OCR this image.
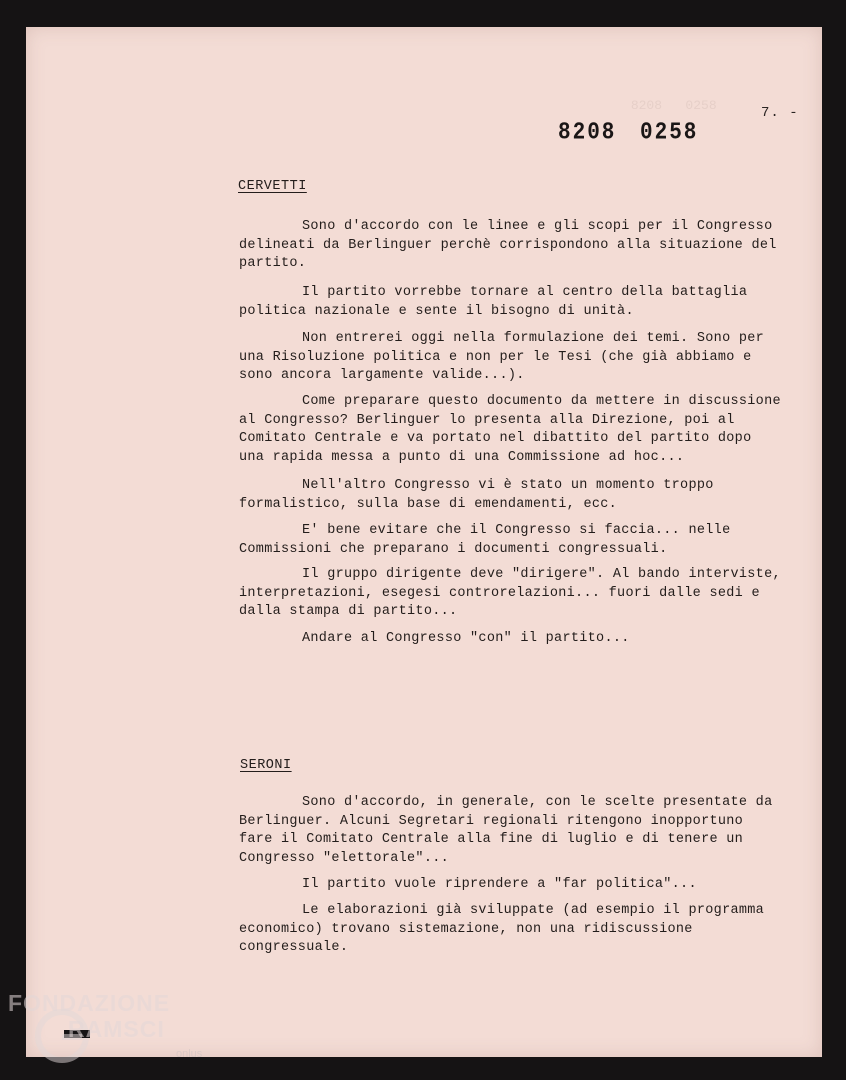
8208   0258	7. -
8208 0258
CERVETTI

Sono d'accordo con le linee e gli scopi per il Congresso delineati da Berlinguer perchè corrispondono alla situazione del partito.

Il partito vorrebbe tornare al centro della battaglia politica nazionale e sente il bisogno di unità.

Non entrerei oggi nella formulazione dei temi. Sono per una Risoluzione politica e non per le Tesi (che già abbiamo e sono ancora largamente valide...).

Come preparare questo documento da mettere in discussione al Congresso? Berlinguer lo presenta alla Direzione, poi al Comitato Centrale e va portato nel dibattito del partito dopo una rapida messa a punto di una Commissione ad hoc...

Nell'altro Congresso vi è stato un momento troppo formalistico, sulla base di emendamenti, ecc.

E' bene evitare che il Congresso si faccia... nelle Commissioni che preparano i documenti congressuali.

Il gruppo dirigente deve "dirigere". Al bando interviste, interpretazioni, esegesi controrelazioni... fuori dalle sedi e dalla stampa di partito...

Andare al Congresso "con" il partito...

SERONI

Sono d'accordo, in generale, con le scelte presentate da Berlinguer. Alcuni Segretari regionali ritengono inopportuno fare il Comitato Centrale alla fine di luglio e di tenere un Congresso "elettorale"...

Il partito vuole riprendere a "far politica"...

Le elaborazioni già sviluppate (ad esempio il programma economico) trovano sistemazione, non una ridiscussione congressuale.

FONDAZIONE
RAMSCI
onlus
